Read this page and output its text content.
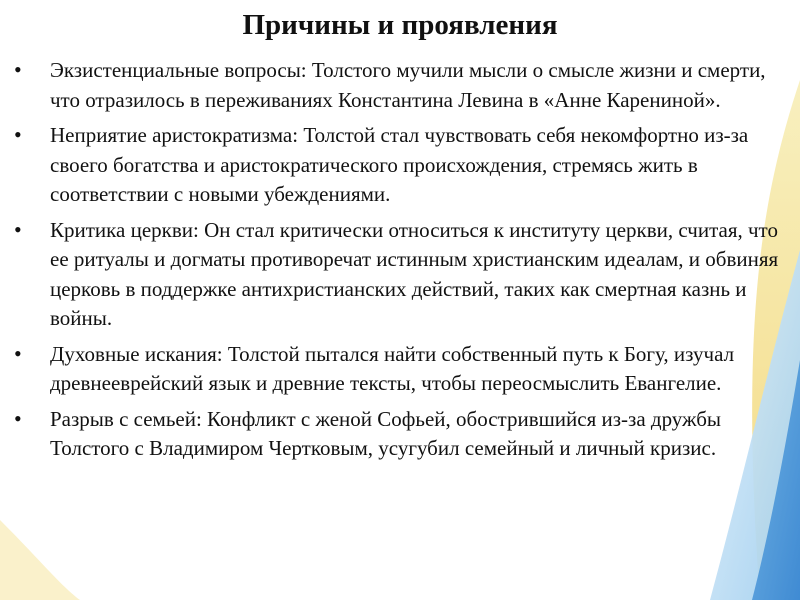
Причины и проявления
• Экзистенциальные вопросы: Толстого мучили мысли о смысле жизни и смерти, что отразилось в переживаниях Константина Левина в «Анне Карениной».
• Неприятие аристократизма: Толстой стал чувствовать себя некомфортно из-за своего богатства и аристократического происхождения, стремясь жить в соответствии с новыми убеждениями.
• Критика церкви: Он стал критически относиться к институту церкви, считая, что ее ритуалы и догматы противоречат истинным христианским идеалам, и обвиняя церковь в поддержке антихристианских действий, таких как смертная казнь и войны.
• Духовные искания: Толстой пытался найти собственный путь к Богу, изучал древнееврейский язык и древние тексты, чтобы переосмыслить Евангелие.
• Разрыв с семьей: Конфликт с женой Софьей, обострившийся из-за дружбы Толстого с Владимиром Чертковым, усугубил семейный и личный кризис.
